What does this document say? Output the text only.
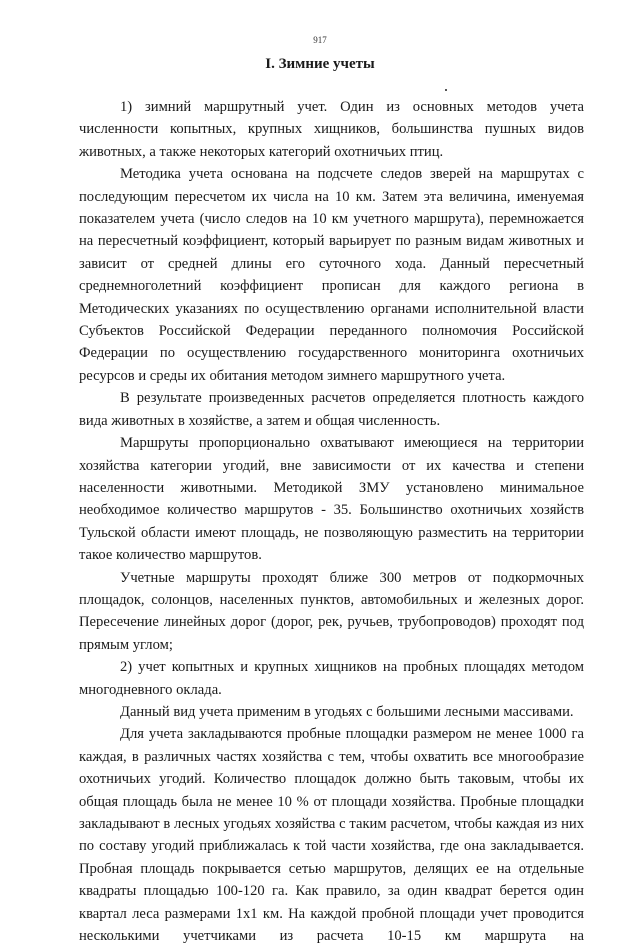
917
I. Зимние учеты

1) зимний маршрутный учет. Один из основных методов учета численности копытных, крупных хищников, большинства пушных видов животных, а также некоторых категорий охотничьих птиц.

Методика учета основана на подсчете следов зверей на маршрутах с последующим пересчетом их числа на 10 км. Затем эта величина, именуемая показателем учета (число следов на 10 км учетного маршрута), перемножается на пересчетный коэффициент, который варьирует по разным видам животных и зависит от средней длины его суточного хода. Данный пересчетный среднемноголетний коэффициент прописан для каждого региона в Методических указаниях по осуществлению органами исполнительной власти Субъектов Российской Федерации переданного полномочия Российской Федерации по осуществлению государственного мониторинга охотничьих ресурсов и среды их обитания методом зимнего маршрутного учета.

В результате произведенных расчетов определяется плотность каждого вида животных в хозяйстве, а затем и общая численность.

Маршруты пропорционально охватывают имеющиеся на территории хозяйства категории угодий, вне зависимости от их качества и степени населенности животными. Методикой ЗМУ установлено минимальное необходимое количество маршрутов - 35. Большинство охотничьих хозяйств Тульской области имеют площадь, не позволяющую разместить на территории такое количество маршрутов.

Учетные маршруты проходят ближе 300 метров от подкормочных площадок, солонцов, населенных пунктов, автомобильных и железных дорог. Пересечение линейных дорог (дорог, рек, ручьев, трубопроводов) проходят под прямым углом;

2) учет копытных и крупных хищников на пробных площадях методом многодневного оклада.

Данный вид учета применим в угодьях с большими лесными массивами.

Для учета закладываются пробные площадки размером не менее 1000 га каждая, в различных частях хозяйства с тем, чтобы охватить все многообразие охотничьих угодий. Количество площадок должно быть таковым, чтобы их общая площадь была не менее 10 % от площади хозяйства. Пробные площадки закладывают в лесных угодьях хозяйства с таким расчетом, чтобы каждая из них по составу угодий приближалась к той части хозяйства, где она закладывается. Пробная площадь покрывается сетью маршрутов, делящих ее на отдельные квадраты площадью 100-120 га. Как правило, за один квадрат берется один квартал леса размерами 1х1 км. На каждой пробной площади учет проводится несколькими учетчиками из расчета 10-15 км маршрута на
